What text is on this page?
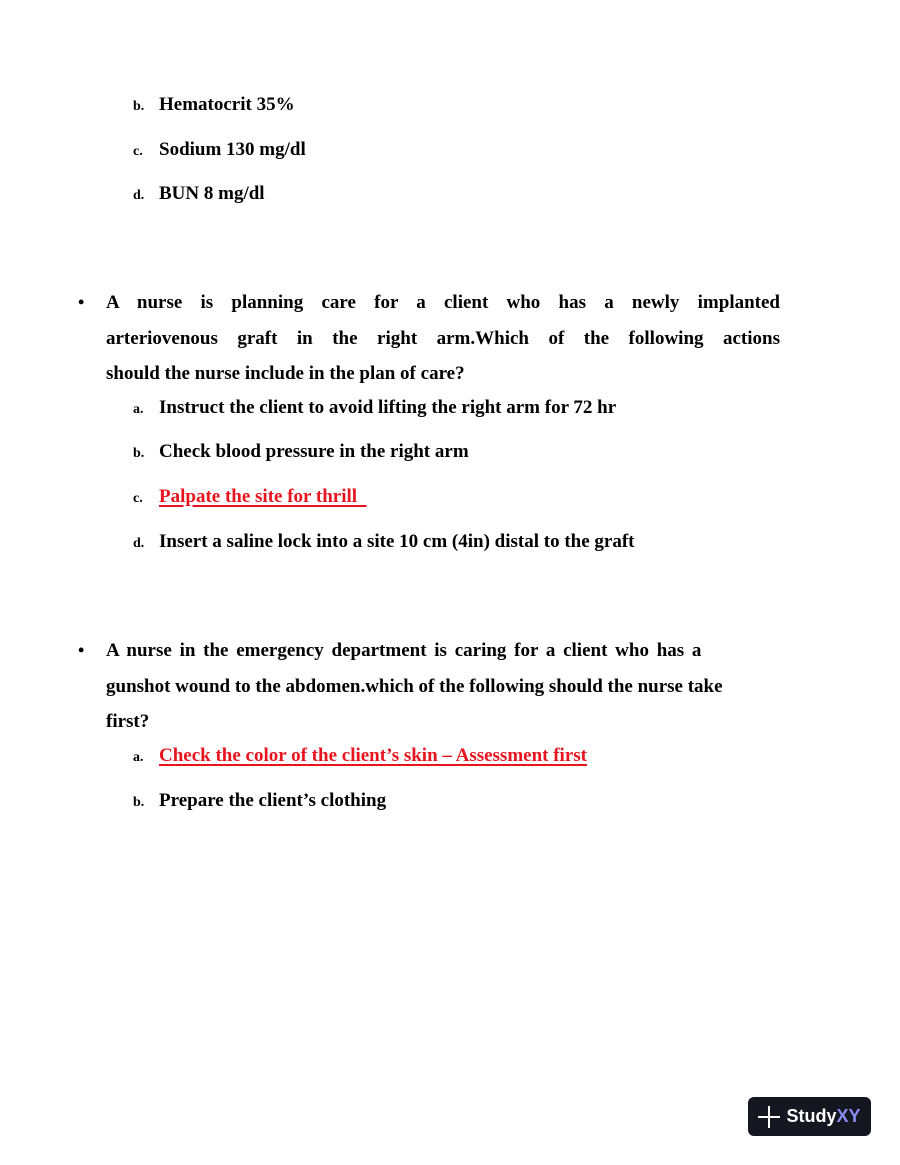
b. Hematocrit 35%
c. Sodium 130 mg/dl
d. BUN 8 mg/dl
•	A nurse is planning care for a client who has a newly implanted
arteriovenous graft in the right arm.Which of the following actions
should the nurse include in the plan of care?
a. Instruct the client to avoid lifting the right arm for 72 hr
b. Check blood pressure in the right arm
c. Palpate the site for thrill
d. Insert a saline lock into a site 10 cm (4in) distal to the graft
•	A nurse in the emergency department is caring for a client who has a
gunshot wound to the abdomen.which of the following should the nurse take
first?
a. Check the color of the client’s skin – Assessment first
b. Prepare the client’s clothing
Study XY
